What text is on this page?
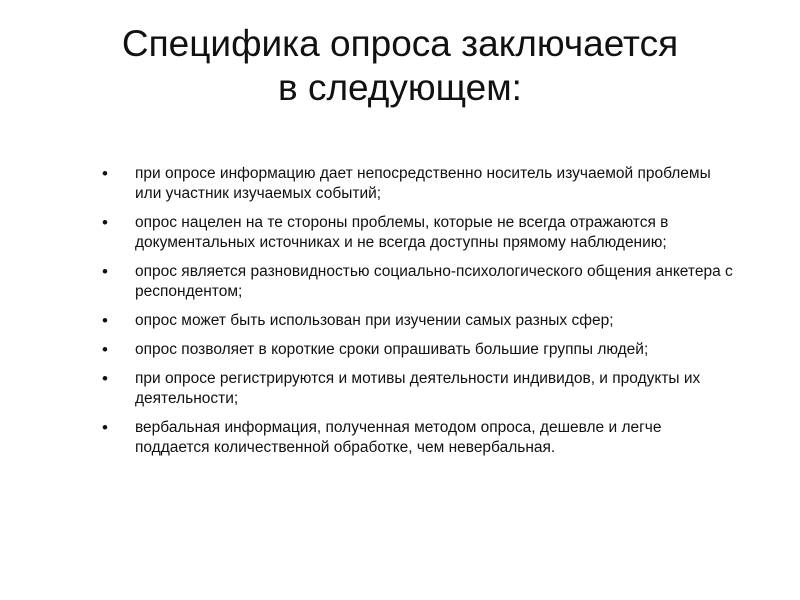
Специфика опроса заключается
в следующем:
• при опросе информацию дает непосредственно носитель изучаемой проблемы или участник изучаемых событий;
• опрос нацелен на те стороны проблемы, которые не всегда отражаются в документальных источниках и не всегда доступны прямому наблюдению;
• опрос является разновидностью социально-психологического общения анкетера с респондентом;
• опрос может быть использован при изучении самых разных сфер;
• опрос позволяет в короткие сроки опрашивать большие группы людей;
• при опросе регистрируются и мотивы деятельности индивидов, и продукты их деятельности;
• вербальная информация, полученная методом опроса, дешевле и легче поддается количественной обработке, чем невербальная.
